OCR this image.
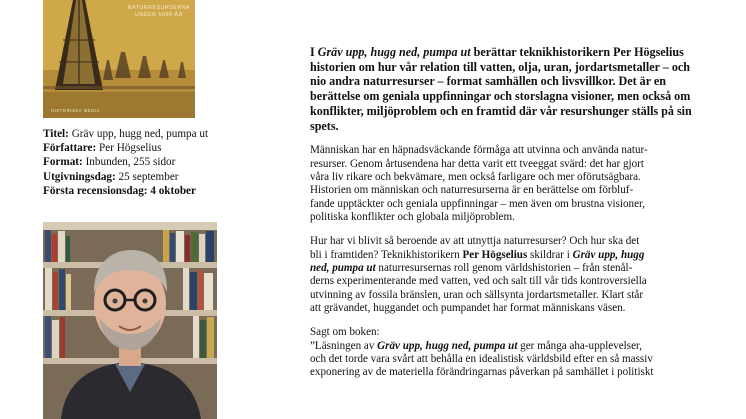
NATURRESURSERNA
UNDER 5000 ÅR
HISTORISKA MEDIA
Titel: Gräv upp, hugg ned, pumpa ut
Författare: Per Högselius
Format: Inbunden, 255 sidor
Utgivningsdag: 25 september
Första recensionsdag: 4 oktober

I Gräv upp, hugg ned, pumpa ut berättar teknikhistorikern Per Högselius

historien om hur vår relation till vatten, olja, uran, jordartsmetaller – och

nio andra naturresurser – format samhällen och livsvillkor. Det är en

berättelse om geniala uppfinningar och storslagna visioner, men också om

konflikter, miljöproblem och en framtid där vår resurshunger ställs på sin

spets.

Människan har en häpnadsväckande förmåga att utvinna och använda natur-

resurser. Genom årtusendena har detta varit ett tveeggat svärd: det har gjort

våra liv rikare och bekvämare, men också farligare och mer oförutsägbara.

Historien om människan och naturresurserna är en berättelse om förbluf-

fande upptäckter och geniala uppfinningar – men även om brustna visioner,

politiska konflikter och globala miljöproblem.

Hur har vi blivit så beroende av att utnyttja naturresurser? Och hur ska det

bli i framtiden? Teknikhistorikern Per Högselius skildrar i Gräv upp, hugg

ned, pumpa ut naturresursernas roll genom världshistorien – från stenål-

derns experimenterande med vatten, ved och salt till vår tids kontroversiella

utvinning av fossila bränslen, uran och sällsynta jordartsmetaller. Klart står

att grävandet, huggandet och pumpandet har format människans väsen.

Sagt om boken:

”Läsningen av Gräv upp, hugg ned, pumpa ut ger många aha-upplevelser,

och det torde vara svårt att behålla en idealistisk världsbild efter en så massiv

exponering av de materiella förändringarnas påverkan på samhället i politiskt
